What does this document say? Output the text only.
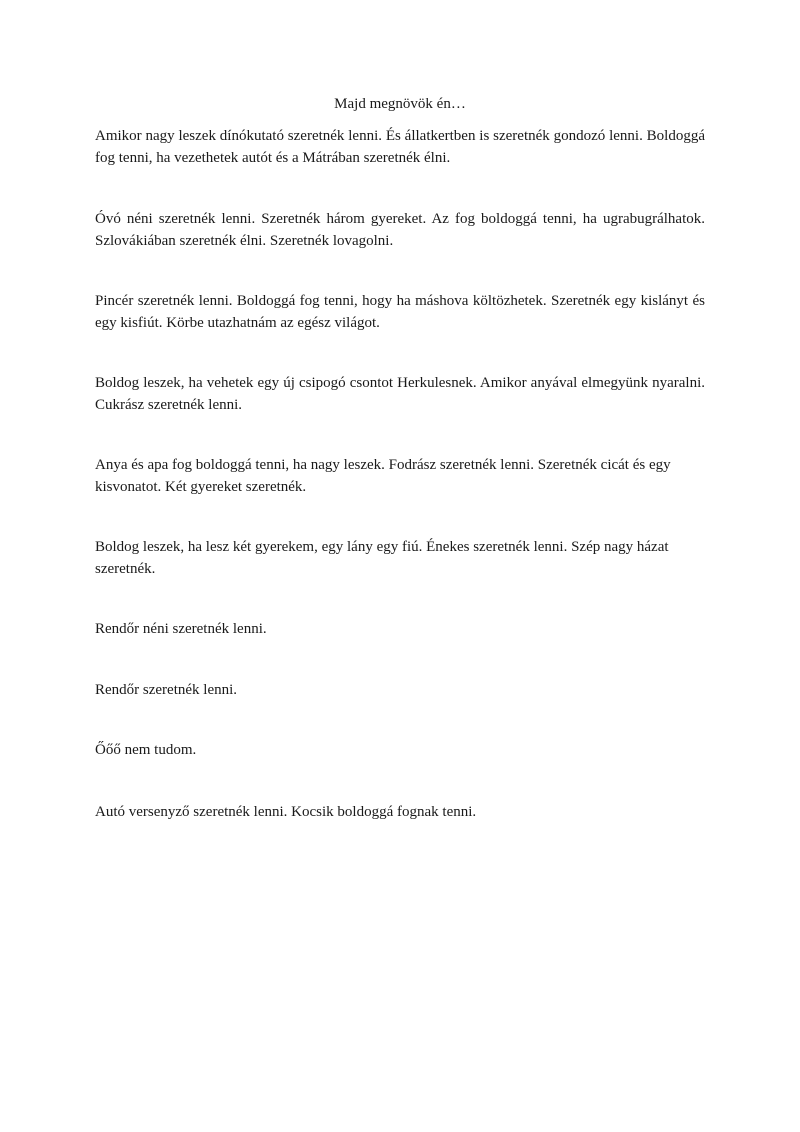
Majd megnövök én…

Amikor nagy leszek dínókutató szeretnék lenni. És állatkertben is szeretnék gondozó lenni. Boldoggá fog tenni, ha vezethetek autót és a Mátrában szeretnék élni.

Óvó néni szeretnék lenni. Szeretnék három gyereket. Az fog boldoggá tenni, ha ugrabugrálhatok. Szlovákiában szeretnék élni. Szeretnék lovagolni.

Pincér szeretnék lenni. Boldoggá fog tenni, hogy ha máshova költözhetek. Szeretnék egy kislányt és egy kisfiút. Körbe utazhatnám az egész világot.

Boldog leszek, ha vehetek egy új csipogó csontot Herkulesnek. Amikor anyával elmegyünk nyaralni. Cukrász szeretnék lenni.

Anya és apa fog boldoggá tenni, ha nagy leszek. Fodrász szeretnék lenni. Szeretnék cicát és egy kisvonatot. Két gyereket szeretnék.

Boldog leszek, ha lesz két gyerekem, egy lány egy fiú. Énekes szeretnék lenni. Szép nagy házat szeretnék.

Rendőr néni szeretnék lenni.

Rendőr szeretnék lenni.

Őőő nem tudom.

Autó versenyző szeretnék lenni. Kocsik boldoggá fognak tenni.
